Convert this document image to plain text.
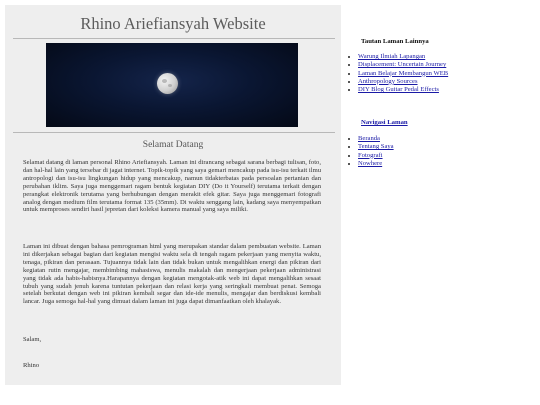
Rhino Ariefiansyah Website
Selamat Datang

Selamat datang di laman personal Rhino Ariefiansyah. Laman ini dirancang sebagai sarana berbagi tulisan, foto, dan hal-hal lain yang tersebar di jagat internet. Topik-topik yang saya gemari mencakup pada isu-isu terkait ilmu antropologi dan isu-isu lingkungan hidup yang mencakup, namun tidakterbatas pada persoalan pertanian dan perubahan iklim. Saya juga menggemari ragam bentuk kegiatan DIY (Do it Yourself) terutama terkait dengan perangkat elektronik terutama yang berhubungan dengan merakit efek gitar. Saya juga menggemari fotografi analog dengan medium film terutama format 135 (35mm). Di waktu senggang lain, kadang saya menyempatkan untuk memproses sendiri hasil jepretan dari koleksi kamera manual yang saya miliki.

Laman ini dibuat dengan bahasa pemrograman html yang merupakan standar dalam pembuatan website. Laman ini dikerjakan sebagai bagian dari kegiatan mengisi waktu sela di tengah ragam pekerjaan yang menyita waktu, tenaga, pikiran dan perasaan. Tujuannya tidak lain dan tidak bukan untuk mengalihkan energi dan pikiran dari kegiatan rutin mengajar, membimbing mahasiswa, menulis makalah dan mengerjaan pekerjaan administrasi yang tidak ada habis-habisnya.Harapannya dengan kegiatan mengotak-atik web ini dapat mengalihkan sesaat tubuh yang sudah jenuh karena tuntutan pekerjaan dan relasi kerja yang seringkali membuat penat. Semoga setelah berkutat dengan web ini pikiran kembali segar dan ide-ide menulis, mengajar dan berdiskusi kembali lancar. Juga semoga hal-hal yang dimuat dalam laman ini juga dapat dimanfaatkan oleh khalayak.

Salam,

Rhino

Tautan Laman Lainnya
• Warung Ilmiah Lapangan
• Displacement: Uncertain Journey
• Laman Belajar Membangun WEB
• Anthropology Sources
• DIY Blog Guitar Pedal Effects
Navigasi Laman
• Beranda
• Tentang Saya
• Fotografi
• Nowhere
